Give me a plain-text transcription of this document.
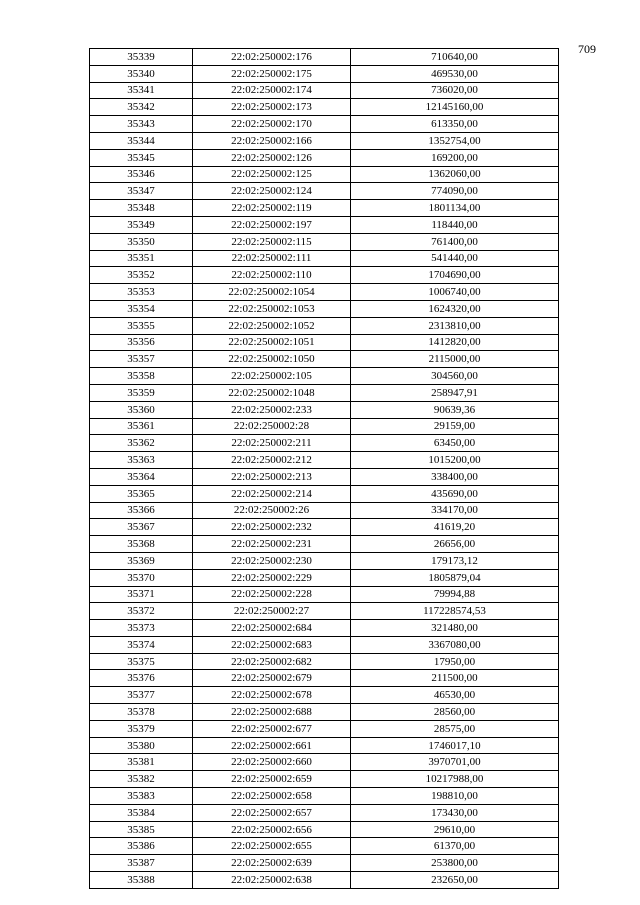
709
35339	22:02:250002:176	710640,00
35340	22:02:250002:175	469530,00
35341	22:02:250002:174	736020,00
35342	22:02:250002:173	12145160,00
35343	22:02:250002:170	613350,00
35344	22:02:250002:166	1352754,00
35345	22:02:250002:126	169200,00
35346	22:02:250002:125	1362060,00
35347	22:02:250002:124	774090,00
35348	22:02:250002:119	1801134,00
35349	22:02:250002:197	118440,00
35350	22:02:250002:115	761400,00
35351	22:02:250002:111	541440,00
35352	22:02:250002:110	1704690,00
35353	22:02:250002:1054	1006740,00
35354	22:02:250002:1053	1624320,00
35355	22:02:250002:1052	2313810,00
35356	22:02:250002:1051	1412820,00
35357	22:02:250002:1050	2115000,00
35358	22:02:250002:105	304560,00
35359	22:02:250002:1048	258947,91
35360	22:02:250002:233	90639,36
35361	22:02:250002:28	29159,00
35362	22:02:250002:211	63450,00
35363	22:02:250002:212	1015200,00
35364	22:02:250002:213	338400,00
35365	22:02:250002:214	435690,00
35366	22:02:250002:26	334170,00
35367	22:02:250002:232	41619,20
35368	22:02:250002:231	26656,00
35369	22:02:250002:230	179173,12
35370	22:02:250002:229	1805879,04
35371	22:02:250002:228	79994,88
35372	22:02:250002:27	117228574,53
35373	22:02:250002:684	321480,00
35374	22:02:250002:683	3367080,00
35375	22:02:250002:682	17950,00
35376	22:02:250002:679	211500,00
35377	22:02:250002:678	46530,00
35378	22:02:250002:688	28560,00
35379	22:02:250002:677	28575,00
35380	22:02:250002:661	1746017,10
35381	22:02:250002:660	3970701,00
35382	22:02:250002:659	10217988,00
35383	22:02:250002:658	198810,00
35384	22:02:250002:657	173430,00
35385	22:02:250002:656	29610,00
35386	22:02:250002:655	61370,00
35387	22:02:250002:639	253800,00
35388	22:02:250002:638	232650,00
